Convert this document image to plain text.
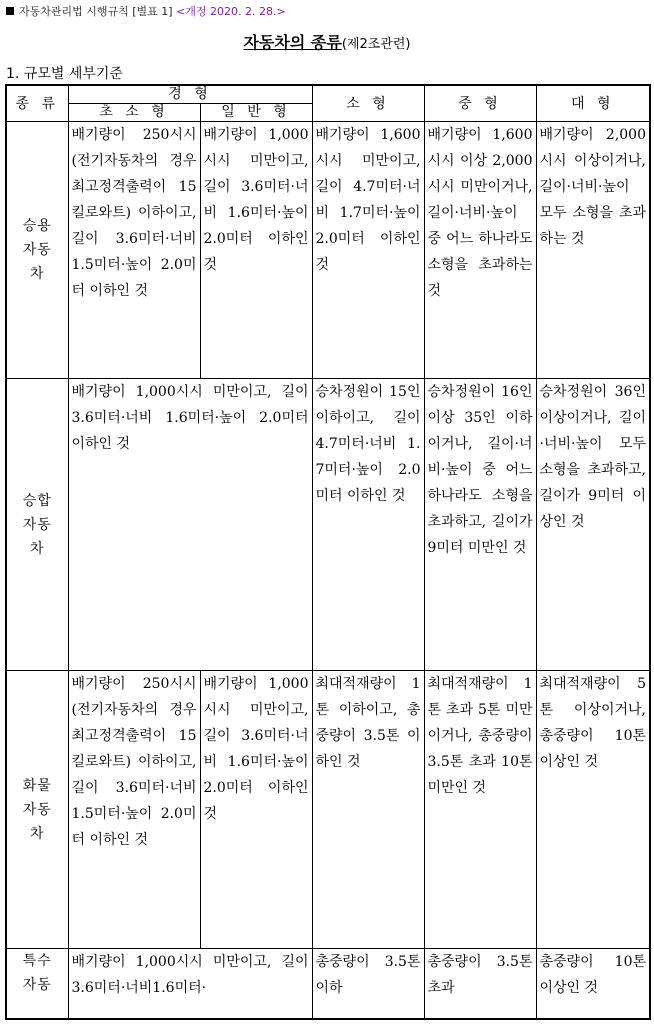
자동차관리법 시행규칙 [별표 1] <개정 2020. 2. 28.>
자동차의 종류(제2조관련)
1. 규모별 세부기준
종 류	경 형		소 형	중 형	대 형
	초 소 형	일 반 형			

승용자동차	배기량이 250시시(전기자동차의 경우 최고정격출력이 15킬로와트) 이하이고, 길이 3.6미터·너비 1.5미터·높이 2.0미터 이하인 것	배기량이 1,000시시 미만이고, 길이 3.6미터·너비 1.6미터·높이 2.0미터 이하인 것	배기량이 1,600시시 미만이고, 길이 4.7미터·너비 1.7미터·높이 2.0미터 이하인 것	배기량이 1,600시시 이상 2,000시시 미만이거나, 길이·너비·높이 중 어느 하나라도 소형을 초과하는 것	배기량이 2,000시시 이상이거나, 길이·너비·높이 모두 소형을 초과하는 것

승합자동차	배기량이 1,000시시 미만이고, 길이 3.6미터·너비 1.6미터·높이 2.0미터 이하인 것		승차정원이 15인 이하이고, 길이 4.7미터·너비 1.7미터·높이 2.0미터 이하인 것	승차정원이 16인 이상 35인 이하이거나, 길이·너비·높이 중 어느 하나라도 소형을 초과하고, 길이가 9미터 미만인 것	승차정원이 36인 이상이거나, 길이·너비·높이 모두 소형을 초과하고, 길이가 9미터 이상인 것

화물자동차	배기량이 250시시(전기자동차의 경우 최고정격출력이 15킬로와트) 이하이고, 길이 3.6미터·너비 1.5미터·높이 2.0미터 이하인 것	배기량이 1,000시시 미만이고, 길이 3.6미터·너비 1.6미터·높이 2.0미터 이하인 것	최대적재량이 1톤 이하이고, 총중량이 3.5톤 이하인 것	최대적재량이 1톤 초과 5톤 미만이거나, 총중량이 3.5톤 초과 10톤 미만인 것	최대적재량이 5톤 이상이거나, 총중량이 10톤 이상인 것

특수자동	배기량이 1,000시시 미만이고, 길이 3.6미터·너비1.6미터·		총중량이 3.5톤 이하	총중량이 3.5톤 초과	총중량이 10톤 이상인 것
